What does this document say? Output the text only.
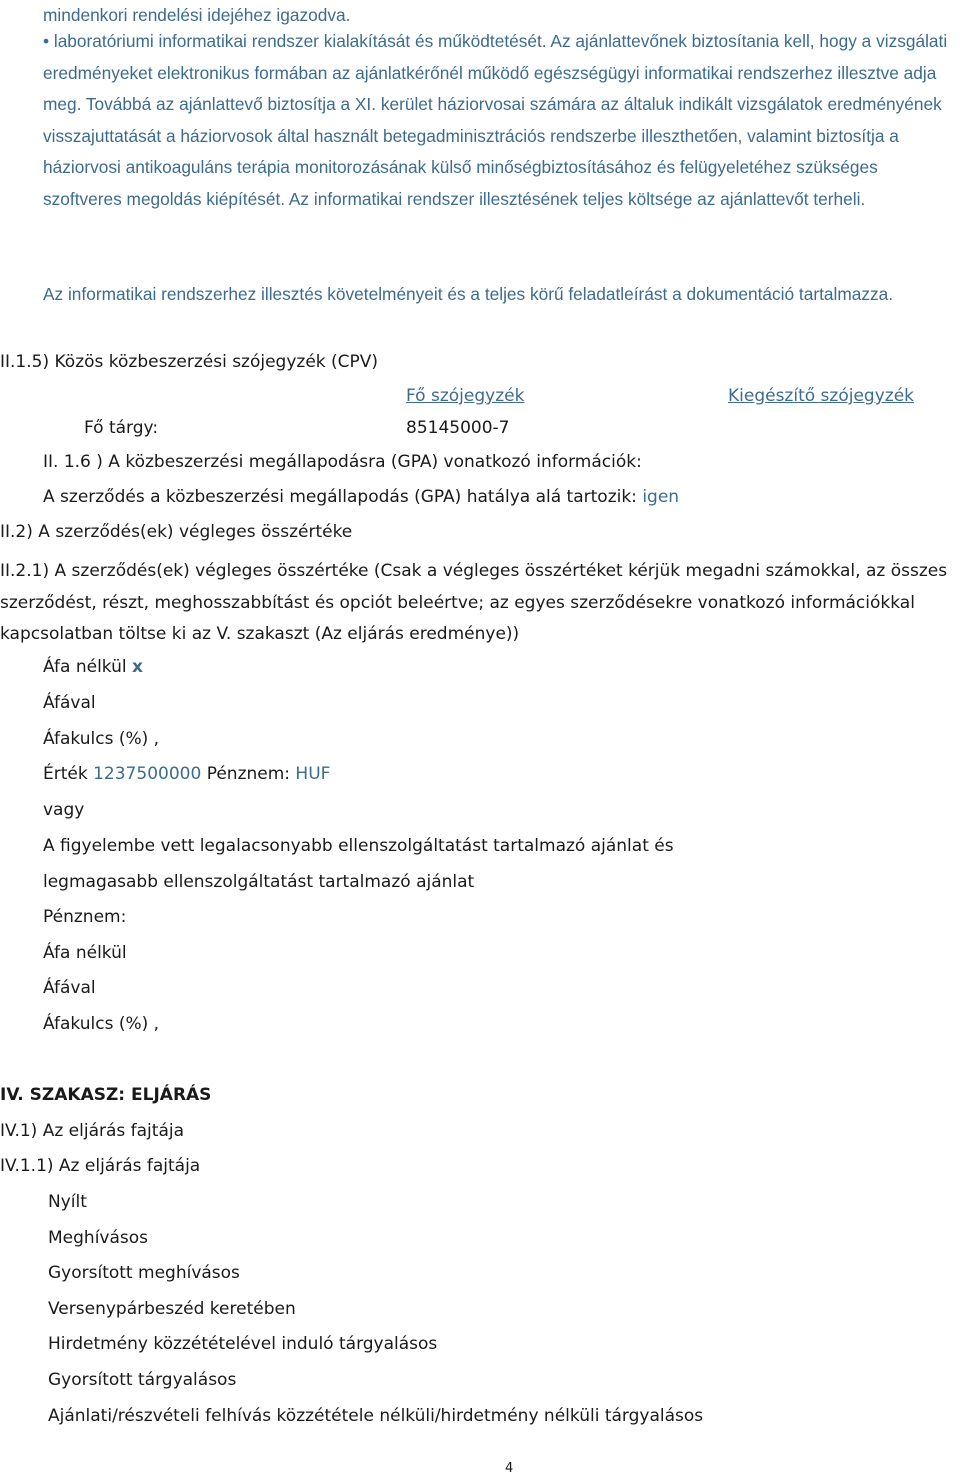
mindenkori rendelési idejéhez igazodva.
• laboratóriumi informatikai rendszer kialakítását és működtetését. Az ajánlattevőnek biztosítania kell, hogy a vizsgálati eredményeket elektronikus formában az ajánlatkérőnél működő egészségügyi informatikai rendszerhez illesztve adja meg. Továbbá az ajánlattevő biztosítja a XI. kerület háziorvosai számára az általuk indikált vizsgálatok eredményének visszajuttatását a háziorvosok által használt betegadminisztrációs rendszerbe illeszthetően, valamint biztosítja a háziorvosi antikoaguláns terápia monitorozásának külső minőségbiztosításához és felügyeletéhez szükséges szoftveres megoldás kiépítését. Az informatikai rendszer illesztésének teljes költsége az ajánlattevőt terheli.
Az informatikai rendszerhez illesztés követelményeit és a teljes körű feladatleírást a dokumentáció tartalmazza.
II.1.5) Közös közbeszerzési szójegyzék (CPV)
Fő szójegyzék	Kiegészítő szójegyzék
Fő tárgy:	85145000-7
II. 1.6 ) A közbeszerzési megállapodásra (GPA) vonatkozó információk:
A szerződés a közbeszerzési megállapodás (GPA) hatálya alá tartozik: igen
II.2) A szerződés(ek) végleges összértéke
II.2.1) A szerződés(ek) végleges összértéke (Csak a végleges összértéket kérjük megadni számokkal, az összes szerződést, részt, meghosszabbítást és opciót beleértve; az egyes szerződésekre vonatkozó információkkal kapcsolatban töltse ki az V. szakaszt (Az eljárás eredménye))
Áfa nélkül x
Áfával
Áfakulcs (%) ,
Érték 1237500000 Pénznem: HUF
vagy
A figyelembe vett legalacsonyabb ellenszolgáltatást tartalmazó ajánlat és
legmagasabb ellenszolgáltatást tartalmazó ajánlat
Pénznem:
Áfa nélkül
Áfával
Áfakulcs (%) ,
IV. SZAKASZ: ELJÁRÁS
IV.1) Az eljárás fajtája
IV.1.1) Az eljárás fajtája
Nyílt
Meghívásos
Gyorsított meghívásos
Versenypárbeszéd keretében
Hirdetmény közzétételével induló tárgyalásos
Gyorsított tárgyalásos
Ajánlati/részvételi felhívás közzététele nélküli/hirdetmény nélküli tárgyalásos
4
